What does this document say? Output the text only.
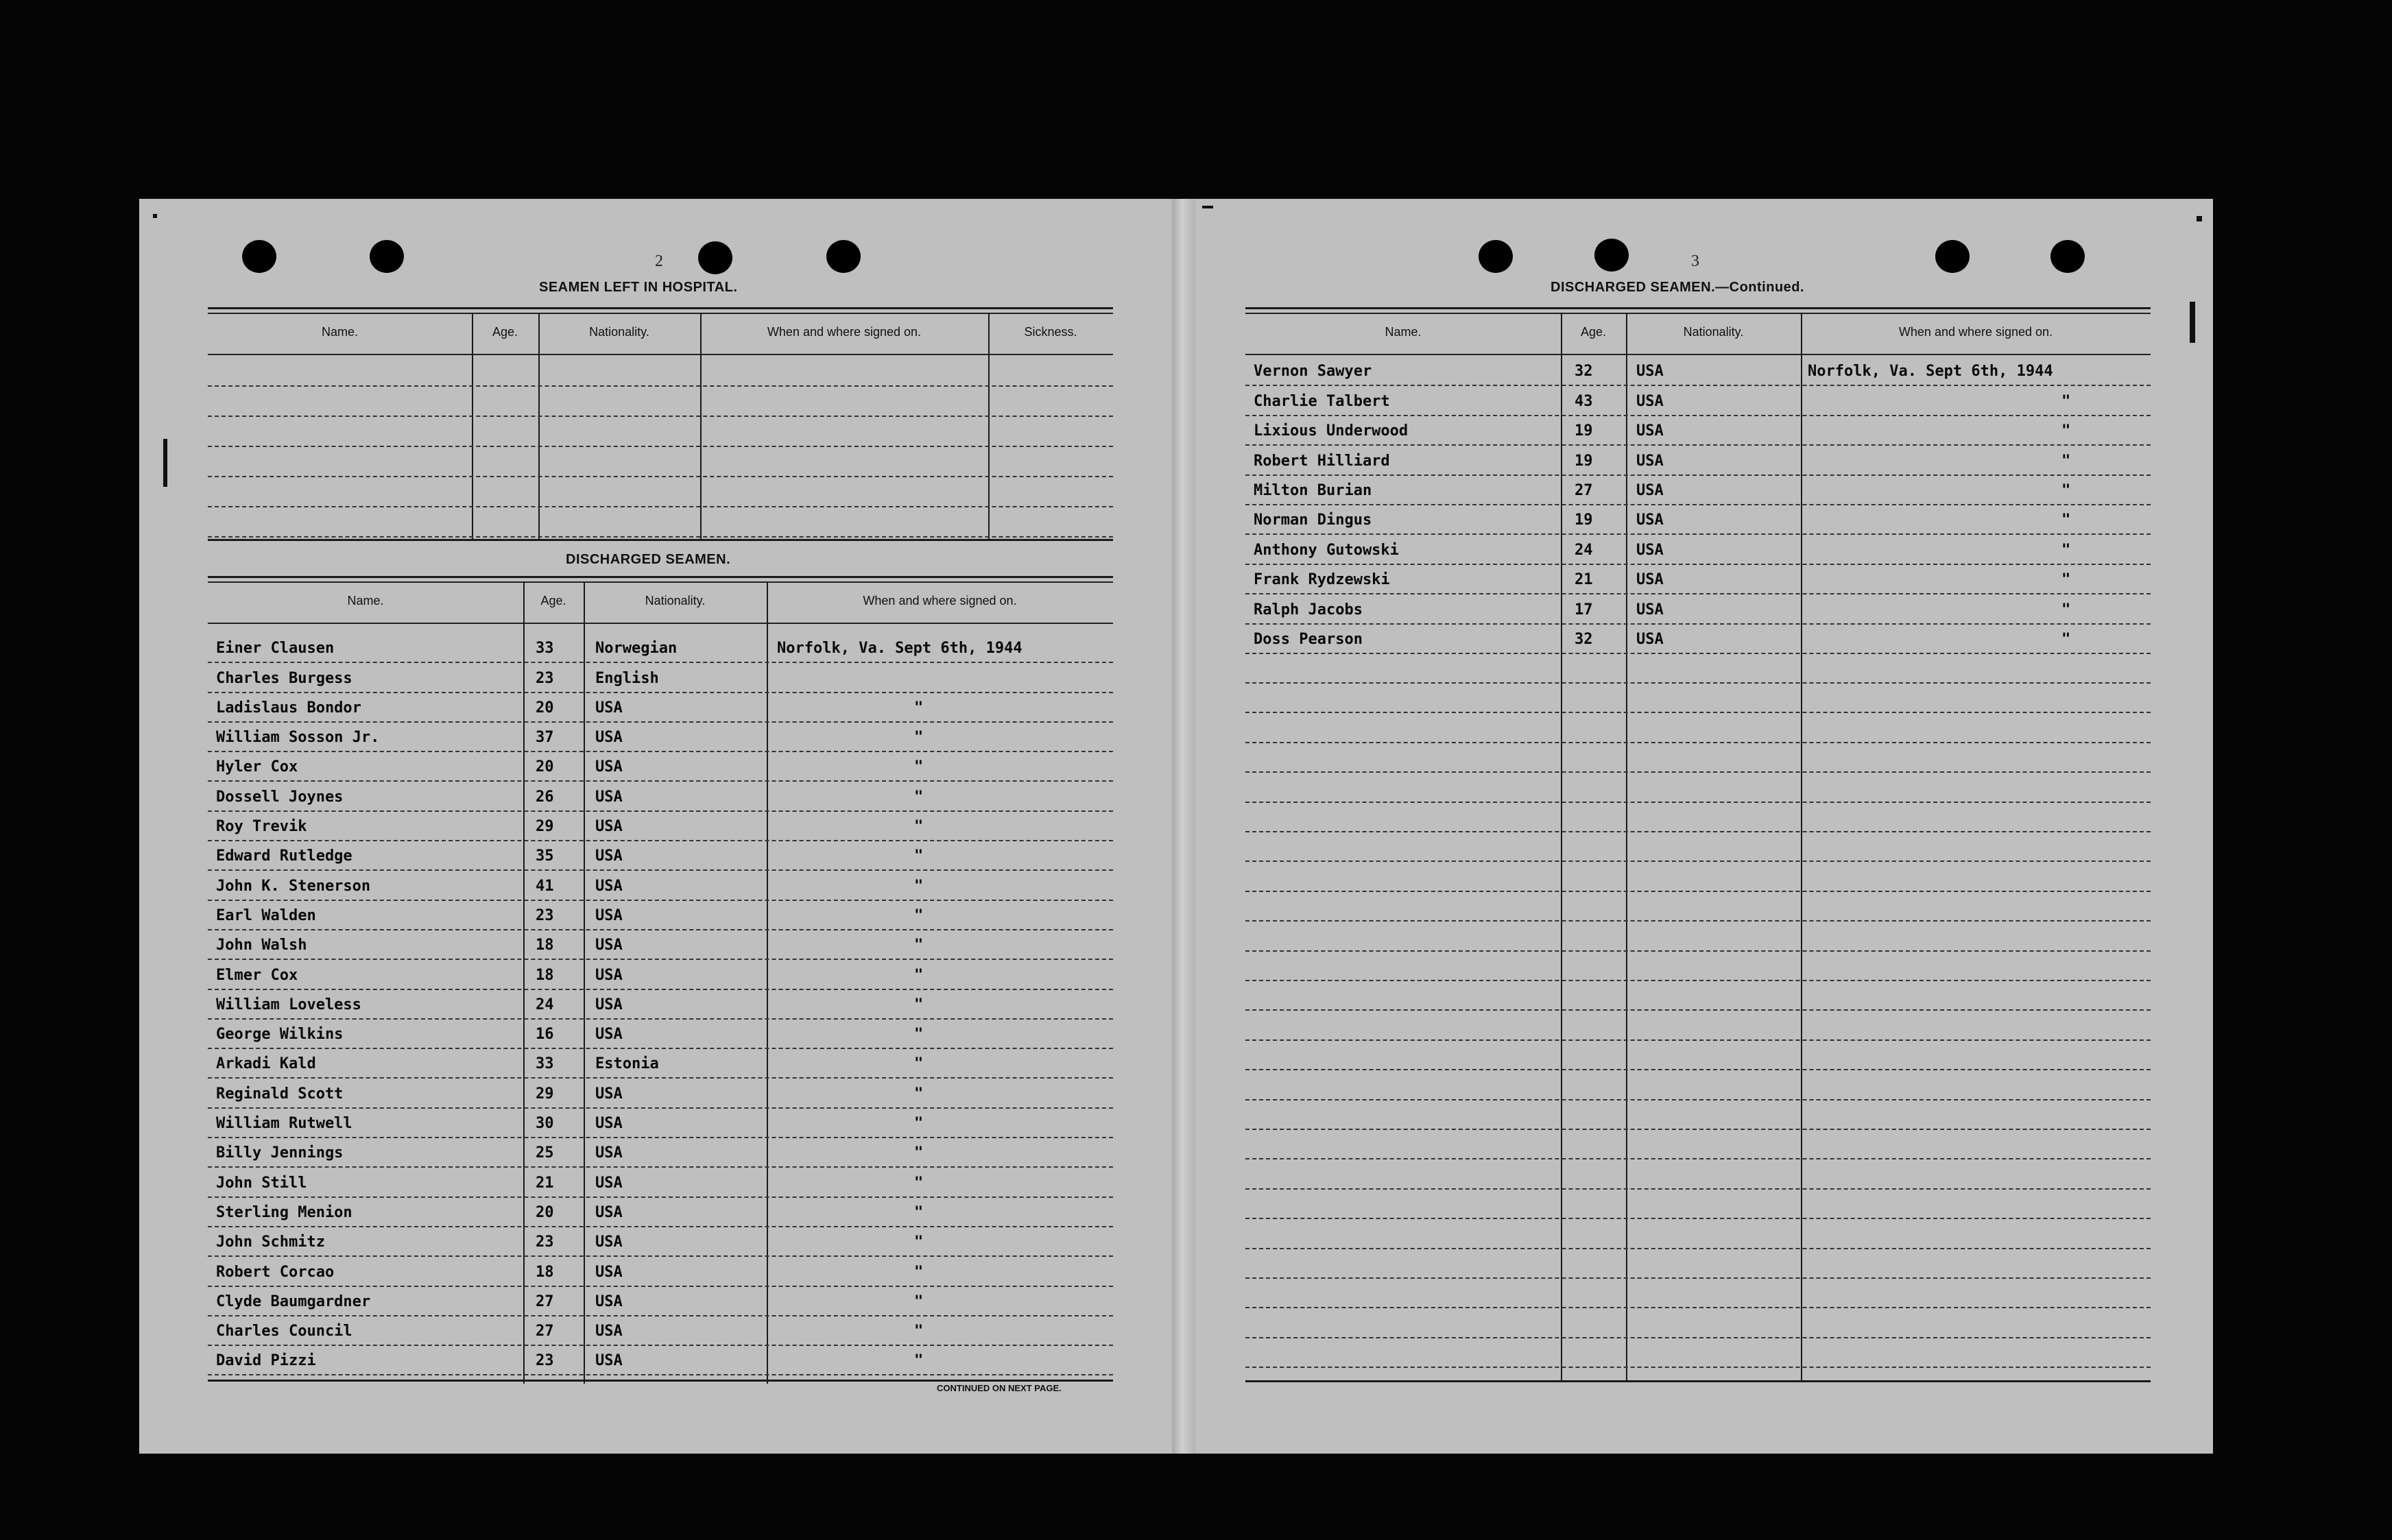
2
SEAMEN LEFT IN HOSPITAL.
Name.	Age.	Nationality.	When and where signed on.	Sickness.
DISCHARGED SEAMEN.
Name.	Age.	Nationality.	When and where signed on.
Einer Clausen	33	Norwegian	Norfolk, Va. Sept 6th, 1944
Charles Burgess	23	English
Ladislaus Bondor	20	USA	"
William Sosson Jr.	37	USA	"
Hyler Cox	20	USA	"
Dossell Joynes	26	USA	"
Roy Trevik	29	USA	"
Edward Rutledge	35	USA	"
John K. Stenerson	41	USA	"
Earl Walden	23	USA	"
John Walsh	18	USA	"
Elmer Cox	18	USA	"
William Loveless	24	USA	"
George Wilkins	16	USA	"
Arkadi Kald	33	Estonia	"
Reginald Scott	29	USA	"
William Rutwell	30	USA	"
Billy Jennings	25	USA	"
John Still	21	USA	"
Sterling Menion	20	USA	"
John Schmitz	23	USA	"
Robert Corcao	18	USA	"
Clyde Baumgardner	27	USA	"
Charles Council	27	USA	"
David Pizzi	23	USA	"
CONTINUED ON NEXT PAGE.
3
DISCHARGED SEAMEN.—Continued.
Name.	Age.	Nationality.	When and where signed on.
Vernon Sawyer	32	USA	Norfolk, Va. Sept 6th, 1944
Charlie Talbert	43	USA	"
Lixious Underwood	19	USA	"
Robert Hilliard	19	USA	"
Milton Burian	27	USA	"
Norman Dingus	19	USA	"
Anthony Gutowski	24	USA	"
Frank Rydzewski	21	USA	"
Ralph Jacobs	17	USA	"
Doss Pearson	32	USA	"
